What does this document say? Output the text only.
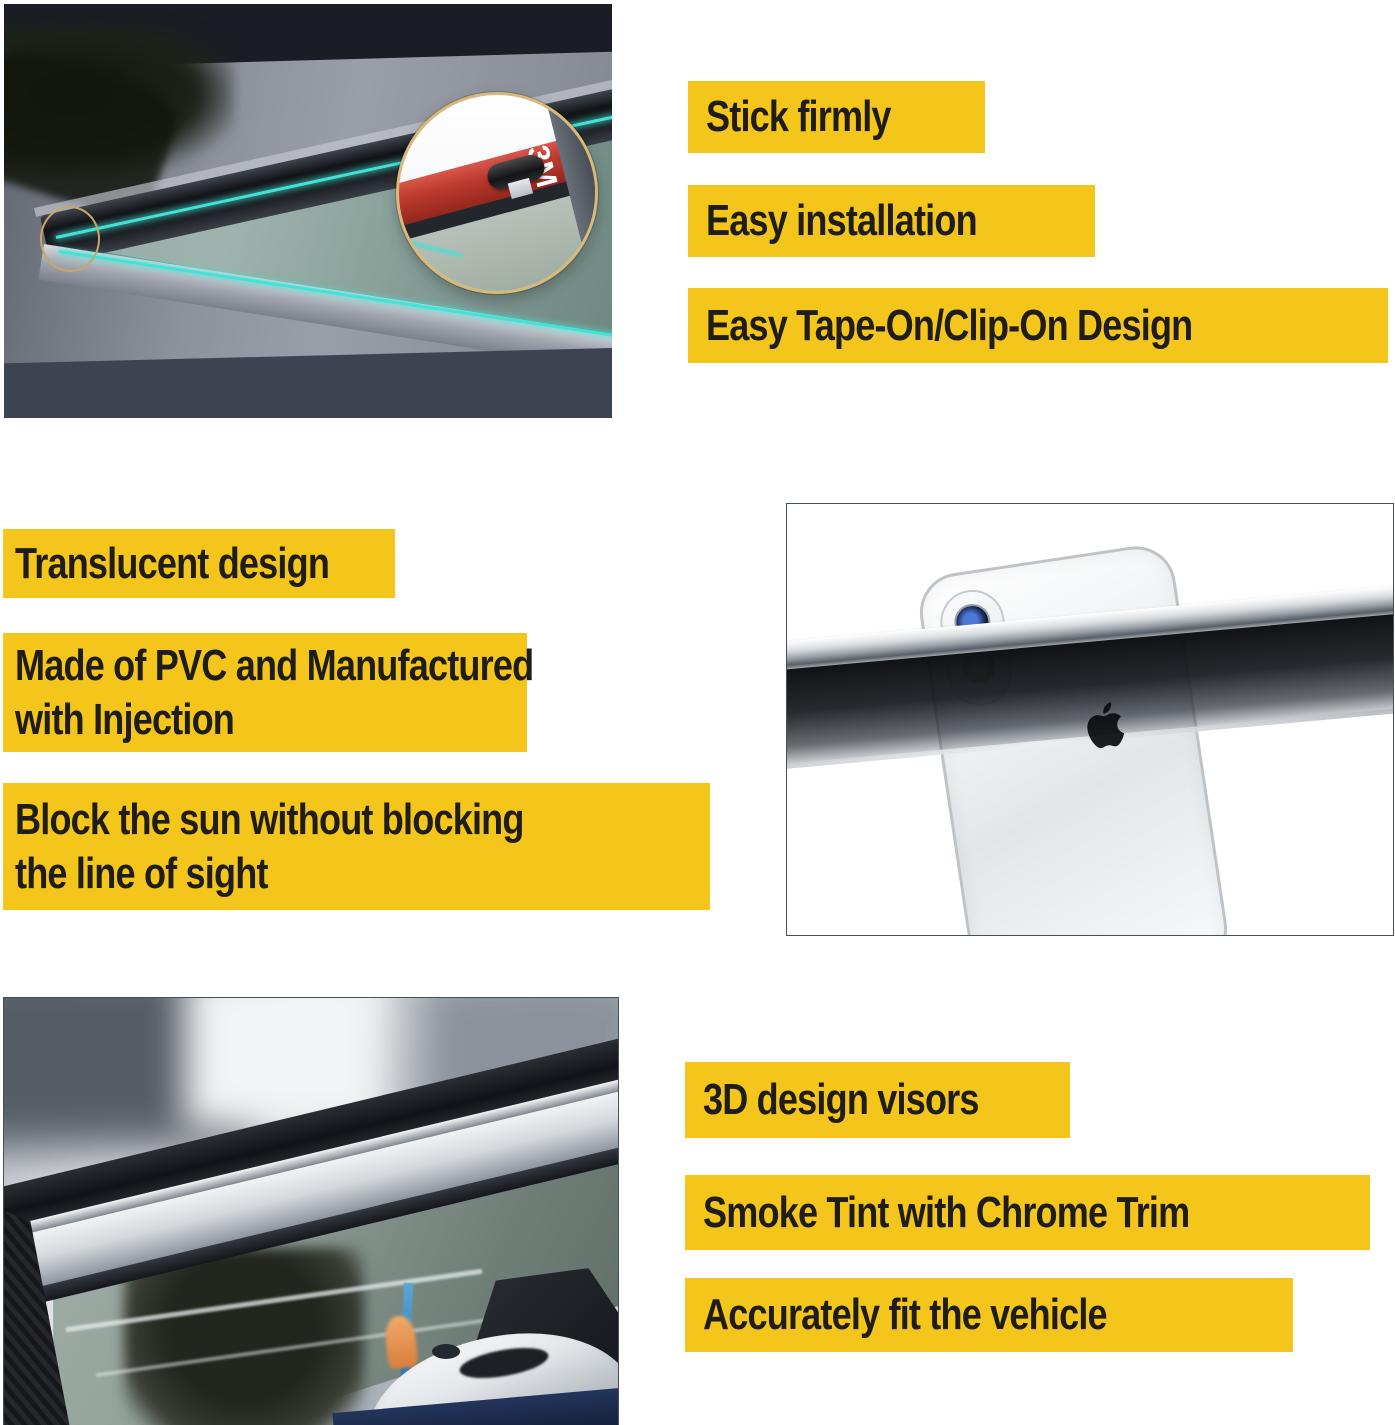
Stick firmly
Easy installation
Easy Tape-On/Clip-On Design
Translucent design
Made of PVC and Manufactured
with Injection
Block the sun without blocking
the line of sight
3D design visors
Smoke Tint with Chrome Trim
Accurately fit the vehicle
